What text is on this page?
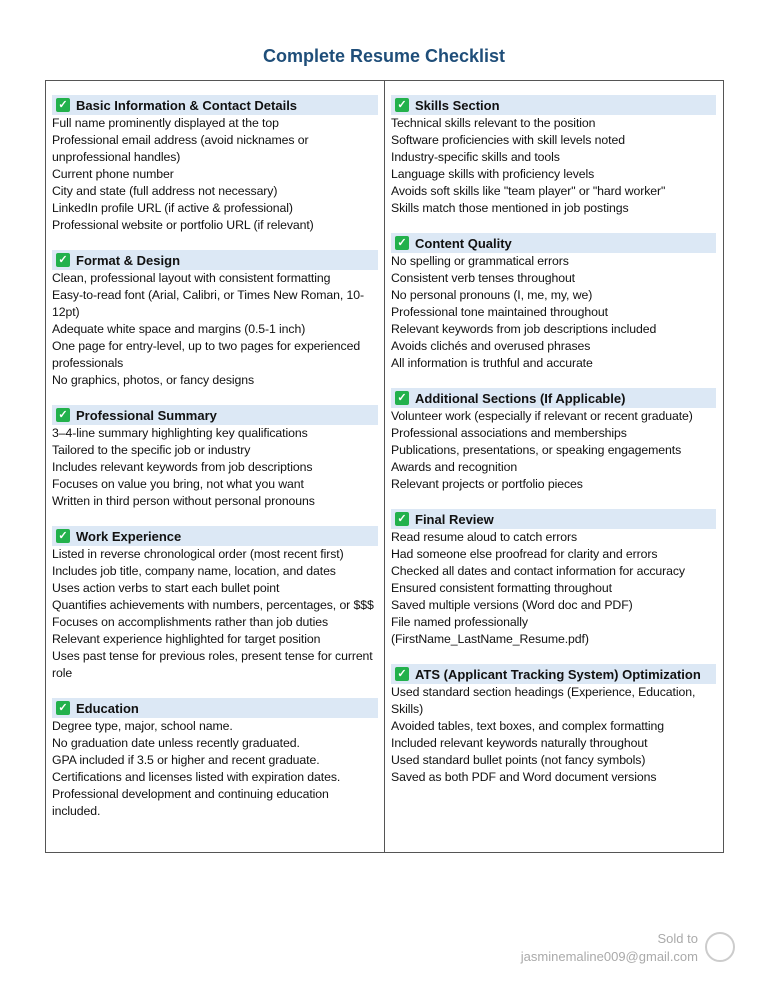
Complete Resume Checklist
✓ Basic Information & Contact Details
Full name prominently displayed at the top
Professional email address (avoid nicknames or unprofessional handles)
Current phone number
City and state (full address not necessary)
LinkedIn profile URL (if active & professional)
Professional website or portfolio URL (if relevant)
✓ Format & Design
Clean, professional layout with consistent formatting
Easy-to-read font (Arial, Calibri, or Times New Roman, 10-12pt)
Adequate white space and margins (0.5-1 inch)
One page for entry-level, up to two pages for experienced professionals
No graphics, photos, or fancy designs
✓ Professional Summary
3–4-line summary highlighting key qualifications
Tailored to the specific job or industry
Includes relevant keywords from job descriptions
Focuses on value you bring, not what you want
Written in third person without personal pronouns
✓ Work Experience
Listed in reverse chronological order (most recent first)
Includes job title, company name, location, and dates
Uses action verbs to start each bullet point
Quantifies achievements with numbers, percentages, or $$$
Focuses on accomplishments rather than job duties
Relevant experience highlighted for target position
Uses past tense for previous roles, present tense for current role
✓ Education
Degree type, major, school name.
No graduation date unless recently graduated.
GPA included if 3.5 or higher and recent graduate.
Certifications and licenses listed with expiration dates.
Professional development and continuing education included.
✓ Skills Section
Technical skills relevant to the position
Software proficiencies with skill levels noted
Industry-specific skills and tools
Language skills with proficiency levels
Avoids soft skills like "team player" or "hard worker"
Skills match those mentioned in job postings
✓ Content Quality
No spelling or grammatical errors
Consistent verb tenses throughout
No personal pronouns (I, me, my, we)
Professional tone maintained throughout
Relevant keywords from job descriptions included
Avoids clichés and overused phrases
All information is truthful and accurate
✓ Additional Sections (If Applicable)
Volunteer work (especially if relevant or recent graduate)
Professional associations and memberships
Publications, presentations, or speaking engagements
Awards and recognition
Relevant projects or portfolio pieces
✓ Final Review
Read resume aloud to catch errors
Had someone else proofread for clarity and errors
Checked all dates and contact information for accuracy
Ensured consistent formatting throughout
Saved multiple versions (Word doc and PDF)
File named professionally (FirstName_LastName_Resume.pdf)
✓ ATS (Applicant Tracking System) Optimization
Used standard section headings (Experience, Education, Skills)
Avoided tables, text boxes, and complex formatting
Included relevant keywords naturally throughout
Used standard bullet points (not fancy symbols)
Saved as both PDF and Word document versions
Sold to
jasminemaline009@gmail.com
